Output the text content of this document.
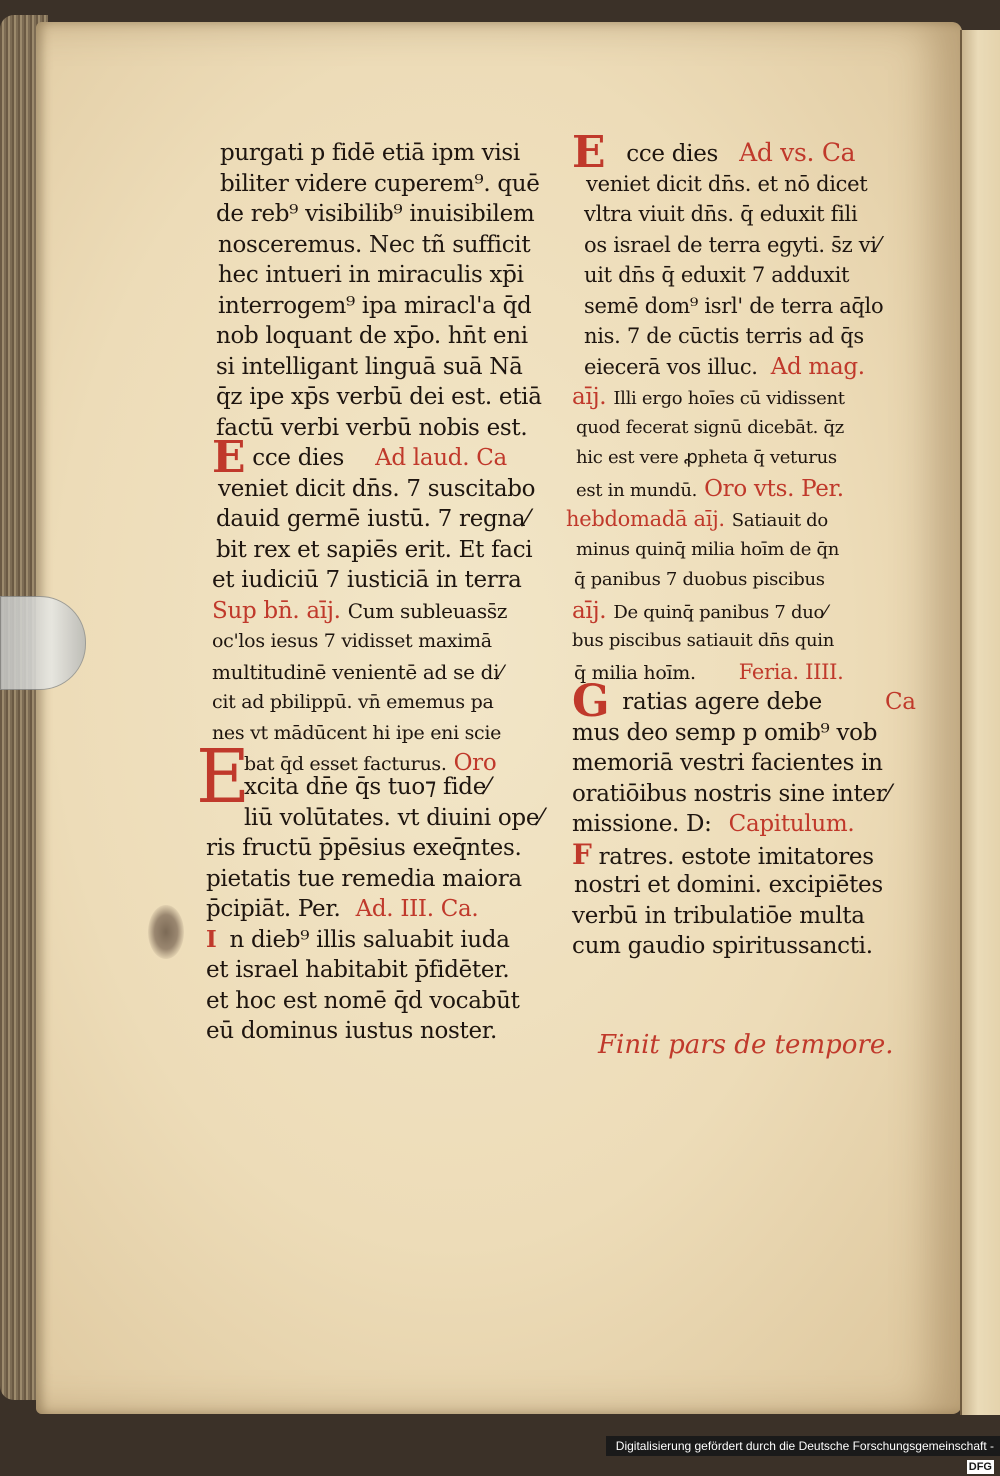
purgati p fidē etiā ipm visi
biliter videre cuperem⁹. quē
de reb⁹ visibilib⁹ inuisibilem
nosceremus. Nec tñ sufficit
hec intueri in miraculis xp̄i
interrogem⁹ ipa miracl'a q̄d
nob loquant de xp̄o. hn̄t eni
si intelligant linguā suā Nā
q̄z ipe xp̄s verbū dei est. etiā
factū verbi verbū nobis est.
E cce dies Ad laud. Ca
veniet dicit dn̄s. 7 suscitabo
dauid germē iustū. 7 regna⁄
bit rex et sapiēs erit. Et faci
et iudiciū 7 iusticiā in terra
Sup bn̄. aīj. Cum subleuass̄z
oc'los iesus 7 vidisset maximā
multitudinē venientē ad se di⁄
cit ad pbilippū. vn̄ ememus pa
nes vt mādūcent hi ipe eni scie
bat q̄d esset facturus. Oro
E
xcita dn̄e q̄s tuo⁊ fide⁄
liū volūtates. vt diuini ope⁄
ris fructū p̄pēsius exeq̄ntes.
pietatis tue remedia maiora
p̄cipiāt. Per. Ad. III. Ca.
I n dieb⁹ illis saluabit iuda
et israel habitabit p̄fidēter.
et hoc est nomē q̄d vocabūt
eū dominus iustus noster.
E cce dies Ad vs. Ca
veniet dicit dn̄s. et nō dicet
vltra viuit dn̄s. q̄ eduxit fili
os israel de terra egyti. s̄z vi⁄
uit dn̄s q̄ eduxit 7 adduxit
semē dom⁹ isrl' de terra aq̄lo
nis. 7 de cūctis terris ad q̄s
eiecerā vos illuc. Ad mag.
aīj. Illi ergo hoīes cū vidissent
quod fecerat signū dicebāt. q̄z
hic est vere ꝓpheta q̄ veturus
est in mundū. Oro vts. Per.
hebdomadā aīj. Satiauit do
minus quinq̄ milia hoīm de q̄n
q̄ panibus 7 duobus piscibus
aīj. De quinq̄ panibus 7 duo⁄
bus piscibus satiauit dn̄s quin
q̄ milia hoīm. Feria. IIII.
G ratias agere debe	Ca
mus deo semp p omib⁹ vob
memoriā vestri facientes in
oratiōibus nostris sine inter⁄
missione. D: Capitulum.
F ratres. estote imitatores
nostri et domini. excipiētes
verbū in tribulatiōe multa
cum gaudio spiritussancti.
Finit pars de tempore.
Digitalisierung gefördert durch die Deutsche Forschungsgemeinschaft - DFG
